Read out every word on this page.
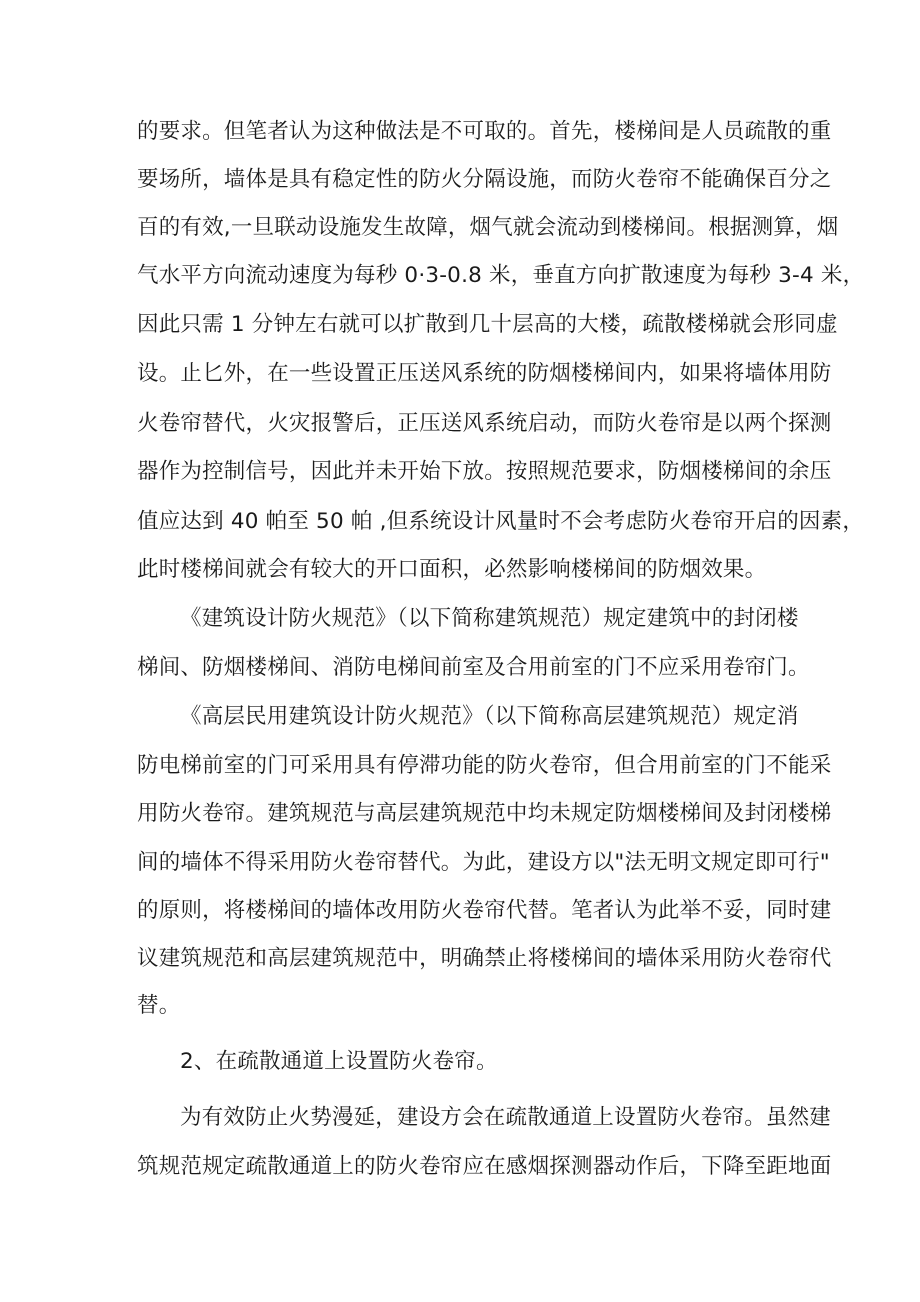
的要求。但笔者认为这种做法是不可取的。首先，楼梯间是人员疏散的重
要场所，墙体是具有稳定性的防火分隔设施，而防火卷帘不能确保百分之
百的有效,一旦联动设施发生故障，烟气就会流动到楼梯间。根据测算，烟
气水平方向流动速度为每秒 0·3-0.8 米，垂直方向扩散速度为每秒 3-4 米，
因此只需 1 分钟左右就可以扩散到几十层高的大楼，疏散楼梯就会形同虚
设。止匕外，在一些设置正压送风系统的防烟楼梯间内，如果将墙体用防
火卷帘替代，火灾报警后，正压送风系统启动，而防火卷帘是以两个探测
器作为控制信号，因此并未开始下放。按照规范要求，防烟楼梯间的余压
值应达到 40 帕至 50 帕 ,但系统设计风量时不会考虑防火卷帘开启的因素，
此时楼梯间就会有较大的开口面积，必然影响楼梯间的防烟效果。
《建筑设计防火规范》（以下简称建筑规范）规定建筑中的封闭楼
梯间、防烟楼梯间、消防电梯间前室及合用前室的门不应采用卷帘门。
《高层民用建筑设计防火规范》（以下简称高层建筑规范）规定消
防电梯前室的门可采用具有停滞功能的防火卷帘，但合用前室的门不能采
用防火卷帘。建筑规范与高层建筑规范中均未规定防烟楼梯间及封闭楼梯
间的墙体不得采用防火卷帘替代。为此，建设方以"法无明文规定即可行"
的原则，将楼梯间的墙体改用防火卷帘代替。笔者认为此举不妥，同时建
议建筑规范和高层建筑规范中，明确禁止将楼梯间的墙体采用防火卷帘代
替。
2、在疏散通道上设置防火卷帘。
为有效防止火势漫延，建设方会在疏散通道上设置防火卷帘。虽然建
筑规范规定疏散通道上的防火卷帘应在感烟探测器动作后，下降至距地面
